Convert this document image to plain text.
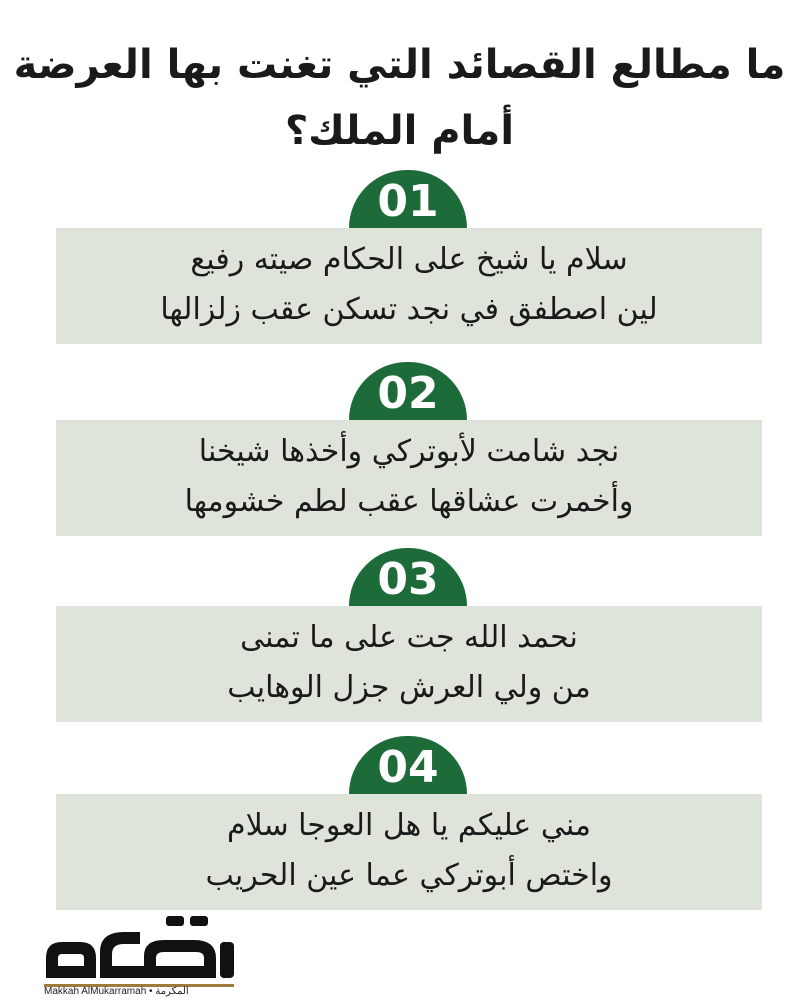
ما مطالع القصائد التي تغنت بها العرضة
أمام الملك؟
01
سلام يا شيخ على الحكام صيته رفيع
لين اصطفق في نجد تسكن عقب زلزالها
02
نجد شامت لأبوتركي وأخذها شيخنا
وأخمرت عشاقها عقب لطم خشومها
03
نحمد الله جت على ما تمنى
من ولي العرش جزل الوهايب
04
مني عليكم يا هل العوجا سلام
واختص أبوتركي عما عين الحريب
Makkah AlMukarramah • المكرمة
